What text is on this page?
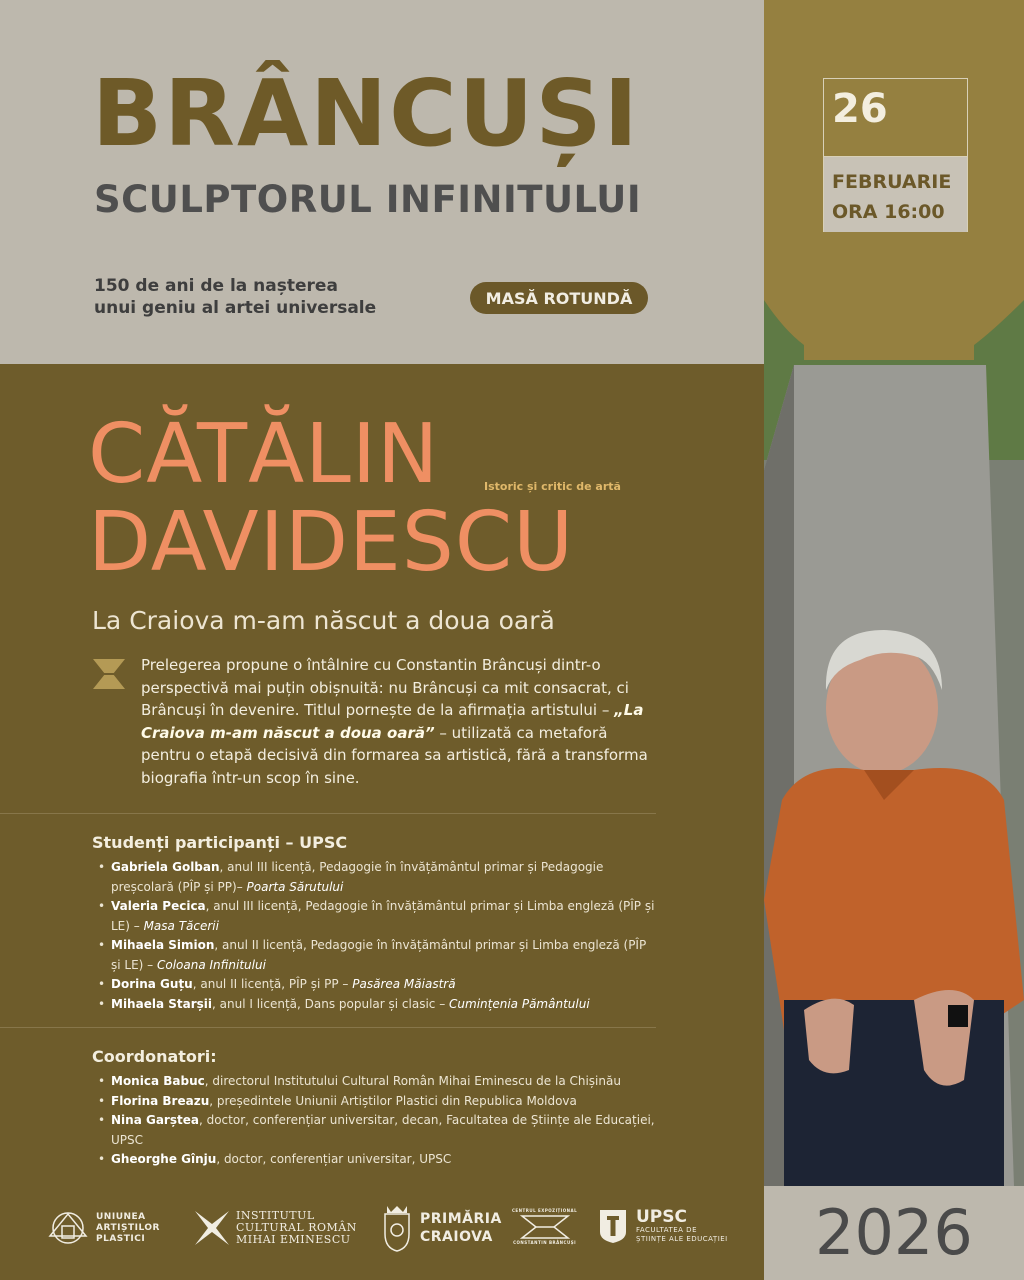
BRÂNCUȘI
SCULPTORUL INFINITULUI
150 de ani de la nașterea
unui geniu al artei universale	MASĂ ROTUNDĂ
CĂTĂLIN	Istoric și critic de artă
DAVIDESCU
La Craiova m-am născut a doua oară
Prelegerea propune o întâlnire cu Constantin Brâncuși dintr-o perspectivă mai puțin obișnuită: nu Brâncuși ca mit consacrat, ci Brâncuși în devenire. Titlul pornește de la afirmația artistului – „La Craiova m-am născut a doua oară” – utilizată ca metaforă pentru o etapă decisivă din formarea sa artistică, fără a transforma biografia într-un scop în sine.
Studenți participanți – UPSC
• Gabriela Golban, anul III licență, Pedagogie în învățământul primar și Pedagogie preșcolară (PÎP și PP)– Poarta Sărutului
• Valeria Pecica, anul III licență, Pedagogie în învățământul primar și Limba engleză (PÎP și LE) – Masa Tăcerii
• Mihaela Simion, anul II licență, Pedagogie în învățământul primar și Limba engleză (PÎP și LE) – Coloana Infinitului
• Dorina Guțu, anul II licență, PÎP și PP – Pasărea Măiastră
• Mihaela Starșii, anul I licență, Dans popular și clasic – Cumințenia Pământului
Coordonatori:
• Monica Babuc, directorul Institutului Cultural Român Mihai Eminescu de la Chișinău
• Florina Breazu, președintele Uniunii Artiștilor Plastici din Republica Moldova
• Nina Garștea, doctor, conferențiar universitar, decan, Facultatea de Științe ale Educației, UPSC
• Gheorghe Gînju, doctor, conferențiar universitar, UPSC
UNIUNEA
ARTIȘTILOR
PLASTICI
INSTITUTUL
CULTURAL ROMÂN
MIHAI EMINESCU
PRIMĂRIA
CRAIOVA
CENTRUL EXPOZIȚIONAL
CONSTANTIN BRÂNCUȘI
UPSC
FACULTATEA DE
ȘTIINȚE ALE EDUCAȚIEI
26
FEBRUARIE
ORA 16:00
2026
